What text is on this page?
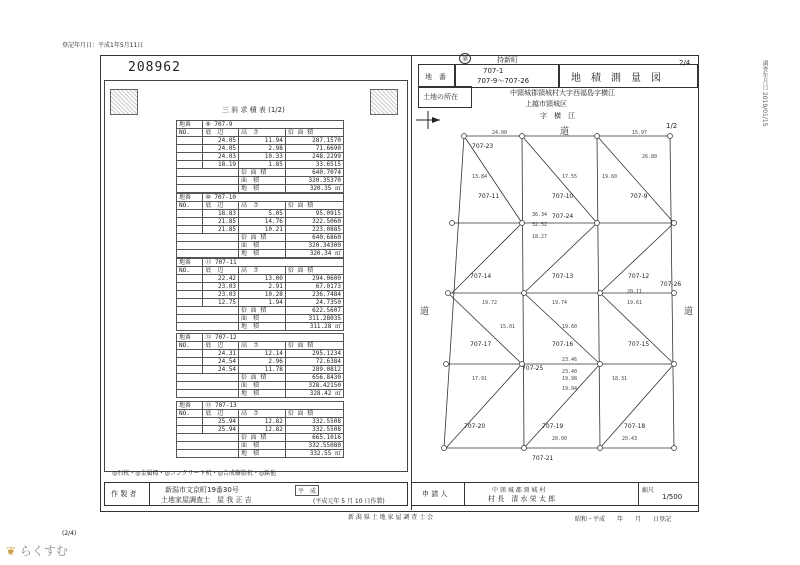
登記年月日：平成1年5月11日
208962	調査年月日 2019/01/15
地　番
筆	持新町
707-1
707-9～707-26	地　積　測　量　図
2/4
土地の所在	中頸城郡頸城村大字西福島字横江
上越市頸城区
字　横　江
三 斜 求 積 表 (1/2)
地番	⑨ 707-9		
NO.	底　辺	高　さ	倍 面 積
	24.05	11.94	287.1570
	24.05	2.98	71.6690
	24.03	10.33	248.2299
	18.19	1.85	33.6515
		倍 面 積	640.7074
		面　積	320.35370
		地　積	320.35 ㎡
地番	⑩ 707-10		
NO.	底　辺	高　さ	倍 面 積
	18.83	5.05	95.0915
	21.85	14.76	322.5060
	21.85	10.21	223.0885
		倍 面 積	640.6860
		面　積	320.34300
		地　積	320.34 ㎡
地番	⑪ 707-11		
NO.	底　辺	高　さ	倍 面 積
	22.42	13.00	294.0600
	23.03	2.91	67.0173
	23.03	10.28	236.7484
	12.75	1.94	24.7350
		倍 面 積	622.5607
		面　積	311.28035
		地　積	311.28 ㎡
地番	⑫ 707-12		
NO.	底　辺	高　さ	倍 面 積
	24.31	12.14	295.1234
	24.54	2.96	72.6384
	24.54	11.78	289.0812
		倍 面 積	656.8430
		面　積	328.42150
		地　積	328.42 ㎡
地番	⑬ 707-13		
NO.	底　辺	高　さ	倍 面 積
	25.94	12.82	332.5508
	25.94	12.82	332.5508
		倍 面 積	665.1016
		面　積	332.55080
		地　積	332.55 ㎡
◎石杭・◎金属標・◎コンクリート杭・◎合成樹脂杭・◎鋲他
道
道	道
1/2
707-23
707-11	707-10	707-9
707-24
707-14	707-13	707-12
707-26
707-17	707-16	707-15
707-25
707-20	707-19	707-18
707-21
24.00	15.97
13.84	17.55	19.60
18.27
20.11
19.61
19.74
19.72
15.01	19.60
23.46
23.40
19.98
19.94
18.31
17.91
20.43
20.00
36.34
32.52
26.80
作 製 者	新潟市文京町19番30号
土地家屋調査士　屋 我 正 吉
平　成
(平成元年 5 月 10 日作製)
申 請 人	中 頸 城 郡 頸 城 村
村 長　清 水 栄 太 郎
縮尺
1/500
昭和・平成　　年　　月　　日登記
新 潟 県 土 地 家 屋 調 査 士 会
(2/4)
❦ らくすむ
